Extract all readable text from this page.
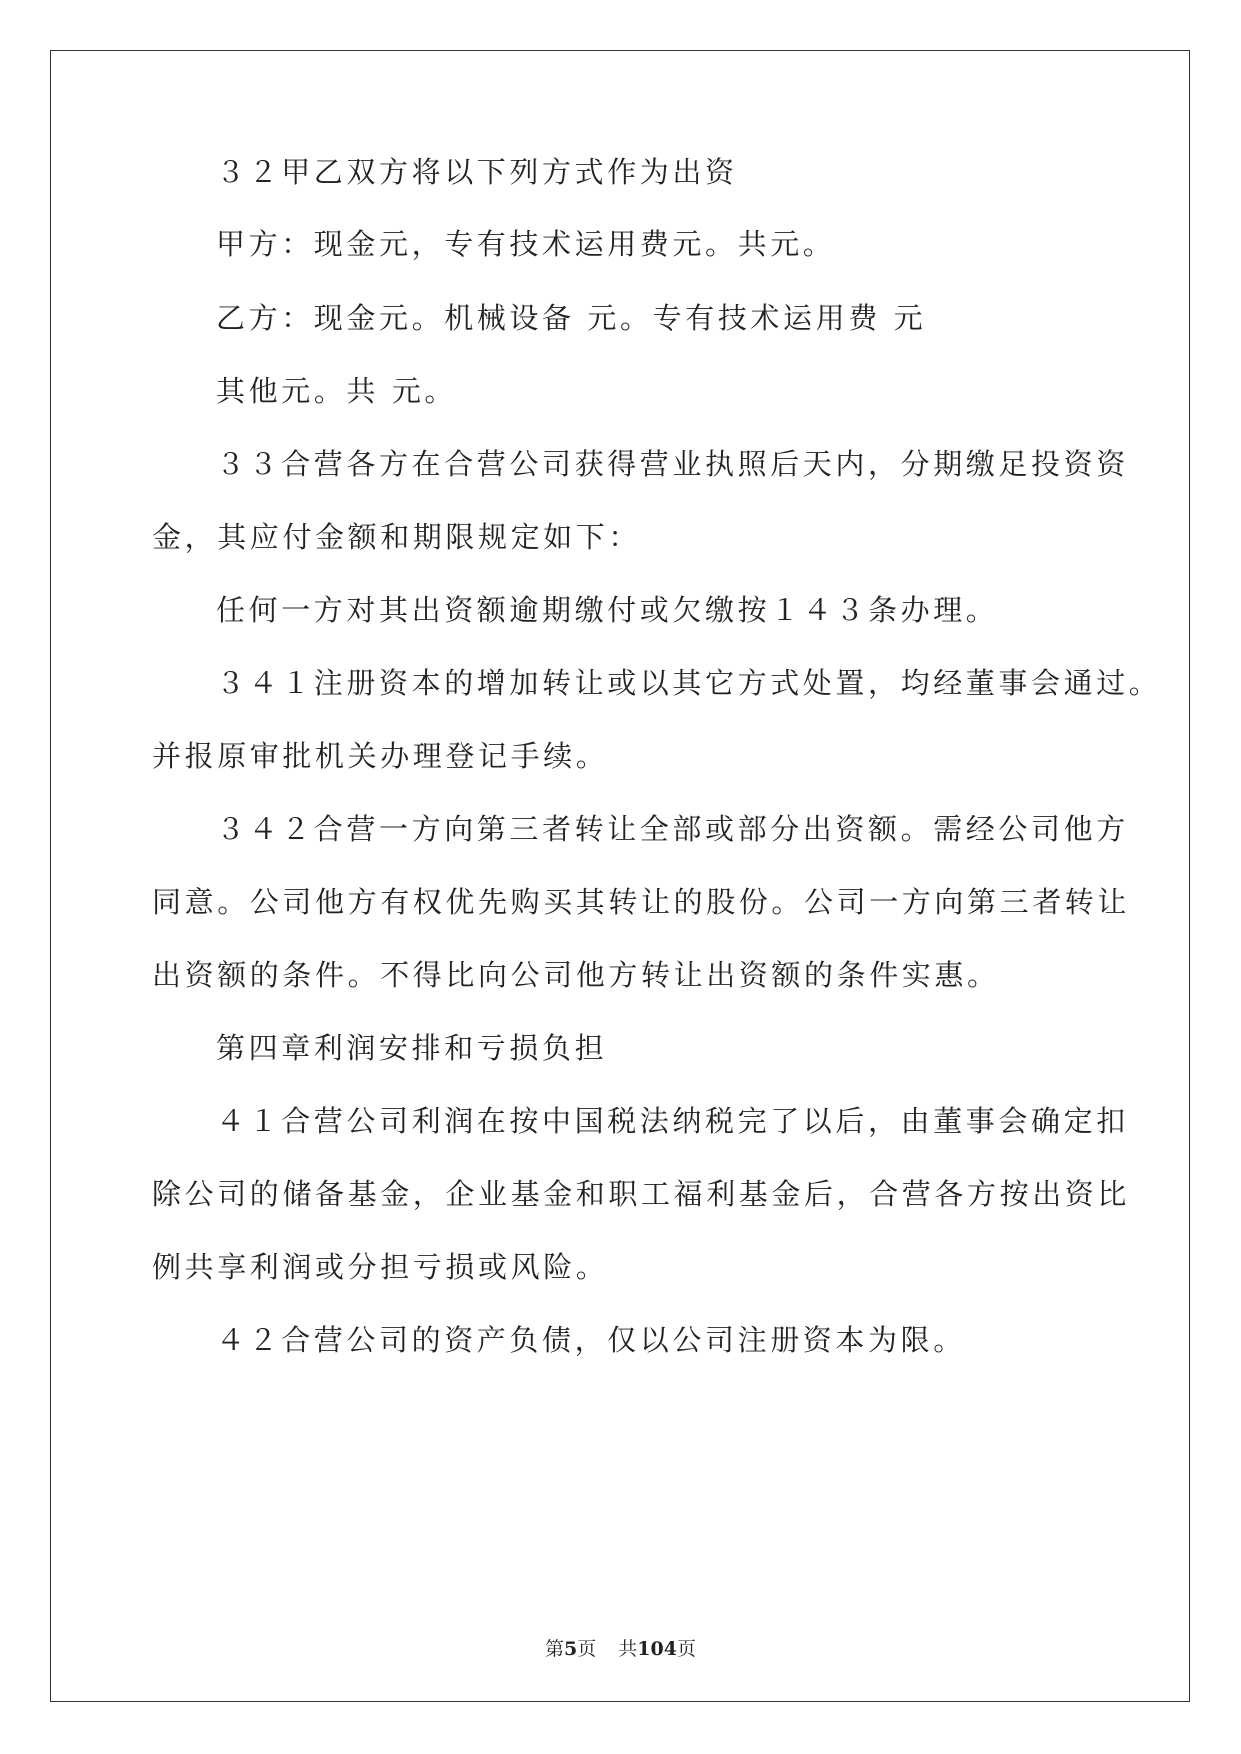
３２甲乙双方将以下列方式作为出资
甲方：现金元，专有技术运用费元。共元。
乙方：现金元。机械设备 元。专有技术运用费 元
其他元。共 元。
３３合营各方在合营公司获得营业执照后天内，分期缴足投资资
金，其应付金额和期限规定如下：
任何一方对其出资额逾期缴付或欠缴按１４３条办理。
３４１注册资本的增加转让或以其它方式处置，均经董事会通过。
并报原审批机关办理登记手续。
３４２合营一方向第三者转让全部或部分出资额。需经公司他方
同意。公司他方有权优先购买其转让的股份。公司一方向第三者转让
出资额的条件。不得比向公司他方转让出资额的条件实惠。
第四章利润安排和亏损负担
４１合营公司利润在按中国税法纳税完了以后，由董事会确定扣
除公司的储备基金，企业基金和职工福利基金后，合营各方按出资比
例共享利润或分担亏损或风险。
４２合营公司的资产负债，仅以公司注册资本为限。
第5页 共104页
